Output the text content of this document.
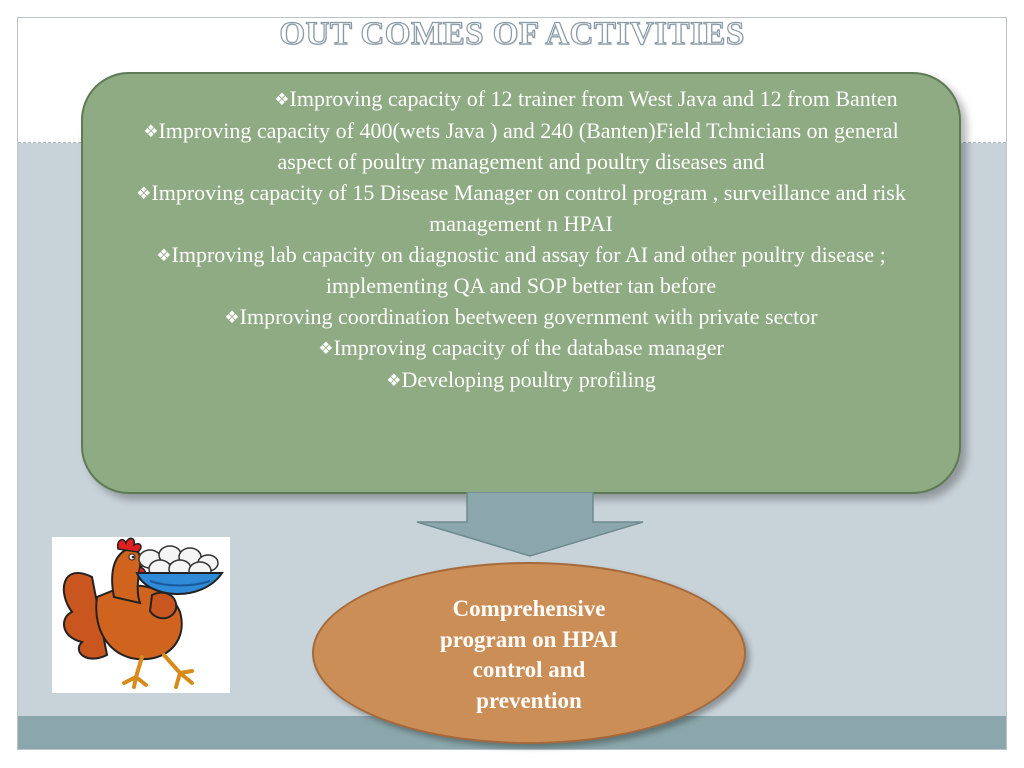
OUT COMES OF ACTIVITIES
❖Improving capacity of 12 trainer from West Java and 12 from Banten
❖Improving capacity of 400(wets Java ) and 240 (Banten)Field Tchnicians on general aspect of poultry management and poultry diseases and
❖Improving capacity of 15 Disease Manager on control program , surveillance and risk management n HPAI
❖Improving lab capacity on diagnostic and assay for AI and other poultry disease ; implementing QA and SOP better tan before
❖Improving coordination beetween government with private sector
❖Improving capacity of the database manager
❖Developing poultry profiling

Comprehensive
program on HPAI
control and
prevention
